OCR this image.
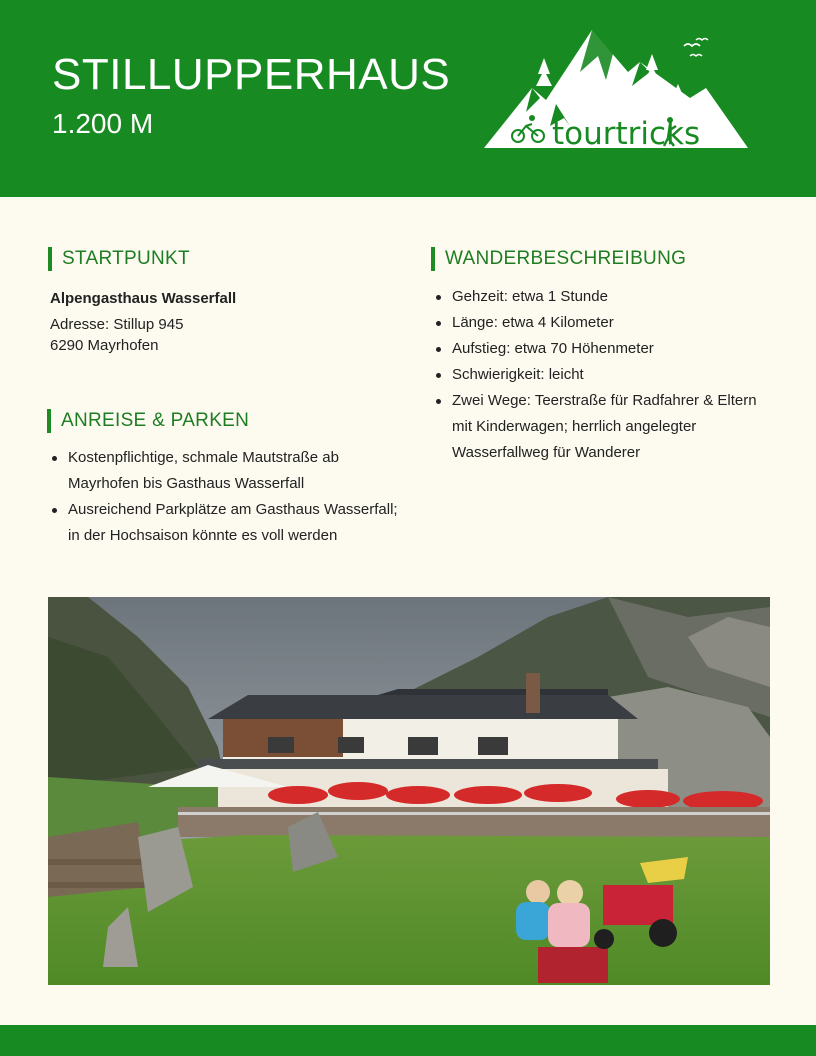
STILLUPPERHAUS
1.200 M	tourtricks
STARTPUNKT
Alpengasthaus Wasserfall
Adresse: Stillup 945
6290 Mayrhofen
ANREISE & PARKEN
Kostenpflichtige, schmale Mautstraße ab Mayrhofen bis Gasthaus Wasserfall
Ausreichend Parkplätze am Gasthaus Wasserfall; in der Hochsaison könnte es voll werden
WANDERBESCHREIBUNG
Gehzeit: etwa 1 Stunde
Länge: etwa 4 Kilometer
Aufstieg: etwa 70 Höhenmeter
Schwierigkeit: leicht
Zwei Wege: Teerstraße für Radfahrer & Eltern mit Kinderwagen; herrlich angelegter Wasserfallweg für Wanderer
